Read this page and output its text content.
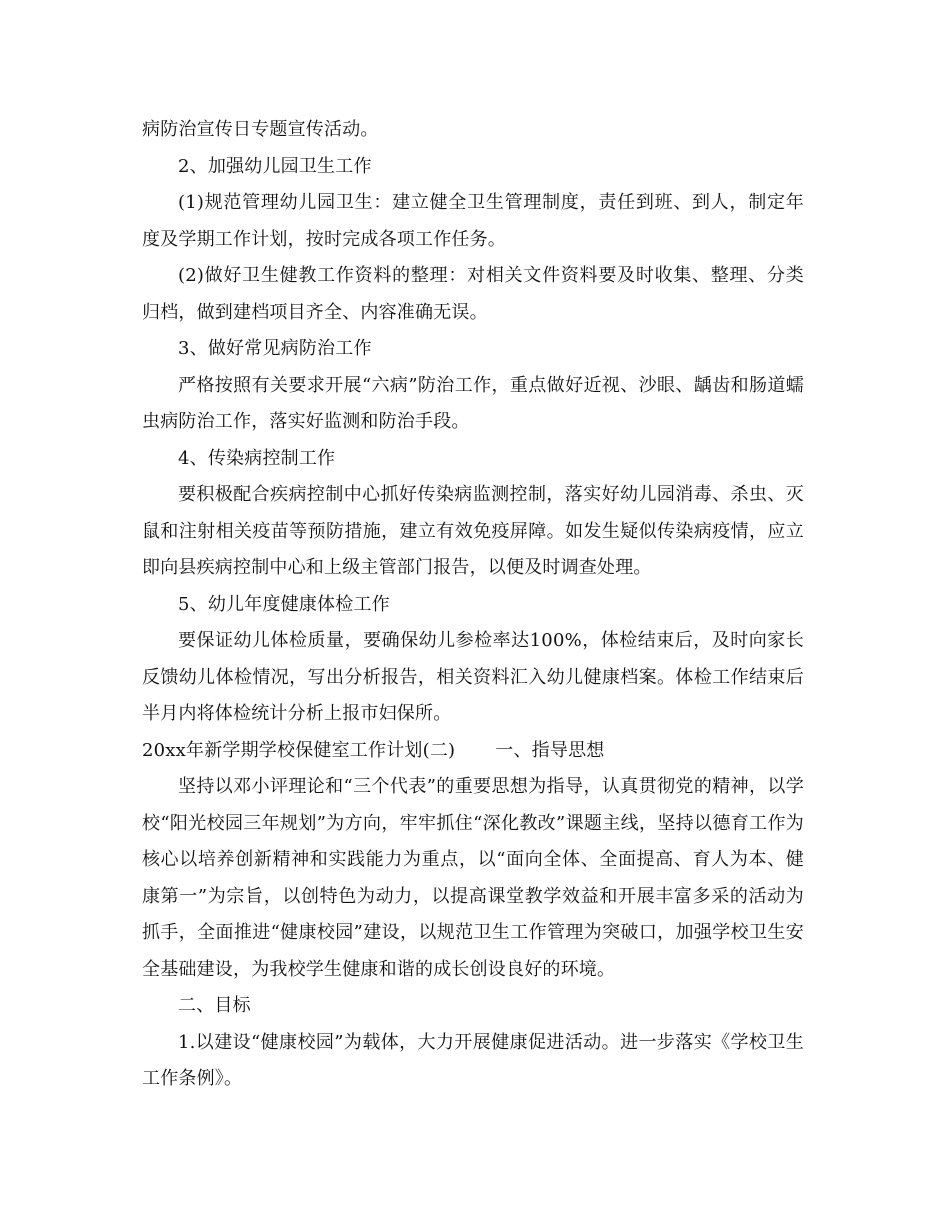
病防治宣传日专题宣传活动。

2、加强幼儿园卫生工作

(1)规范管理幼儿园卫生：建立健全卫生管理制度，责任到班、到人，制定年度及学期工作计划，按时完成各项工作任务。

(2)做好卫生健教工作资料的整理：对相关文件资料要及时收集、整理、分类归档，做到建档项目齐全、内容准确无误。

3、做好常见病防治工作

严格按照有关要求开展“六病”防治工作，重点做好近视、沙眼、龋齿和肠道蠕虫病防治工作，落实好监测和防治手段。

4、传染病控制工作

要积极配合疾病控制中心抓好传染病监测控制，落实好幼儿园消毒、杀虫、灭鼠和注射相关疫苗等预防措施，建立有效免疫屏障。如发生疑似传染病疫情，应立即向县疾病控制中心和上级主管部门报告，以便及时调查处理。

5、幼儿年度健康体检工作

要保证幼儿体检质量，要确保幼儿参检率达100%，体检结束后，及时向家长反馈幼儿体检情况，写出分析报告，相关资料汇入幼儿健康档案。体检工作结束后半月内将体检统计分析上报市妇保所。

20xx年新学期学校保健室工作计划(二) 一、指导思想

坚持以邓小评理论和“三个代表”的重要思想为指导，认真贯彻党的精神，以学校“阳光校园三年规划”为方向，牢牢抓住“深化教改”课题主线，坚持以德育工作为核心以培养创新精神和实践能力为重点，以“面向全体、全面提高、育人为本、健康第一”为宗旨，以创特色为动力，以提高课堂教学效益和开展丰富多采的活动为抓手，全面推进“健康校园”建设，以规范卫生工作管理为突破口，加强学校卫生安全基础建设，为我校学生健康和谐的成长创设良好的环境。

二、目标

1.以建设“健康校园”为载体，大力开展健康促进活动。进一步落实《学校卫生工作条例》。
